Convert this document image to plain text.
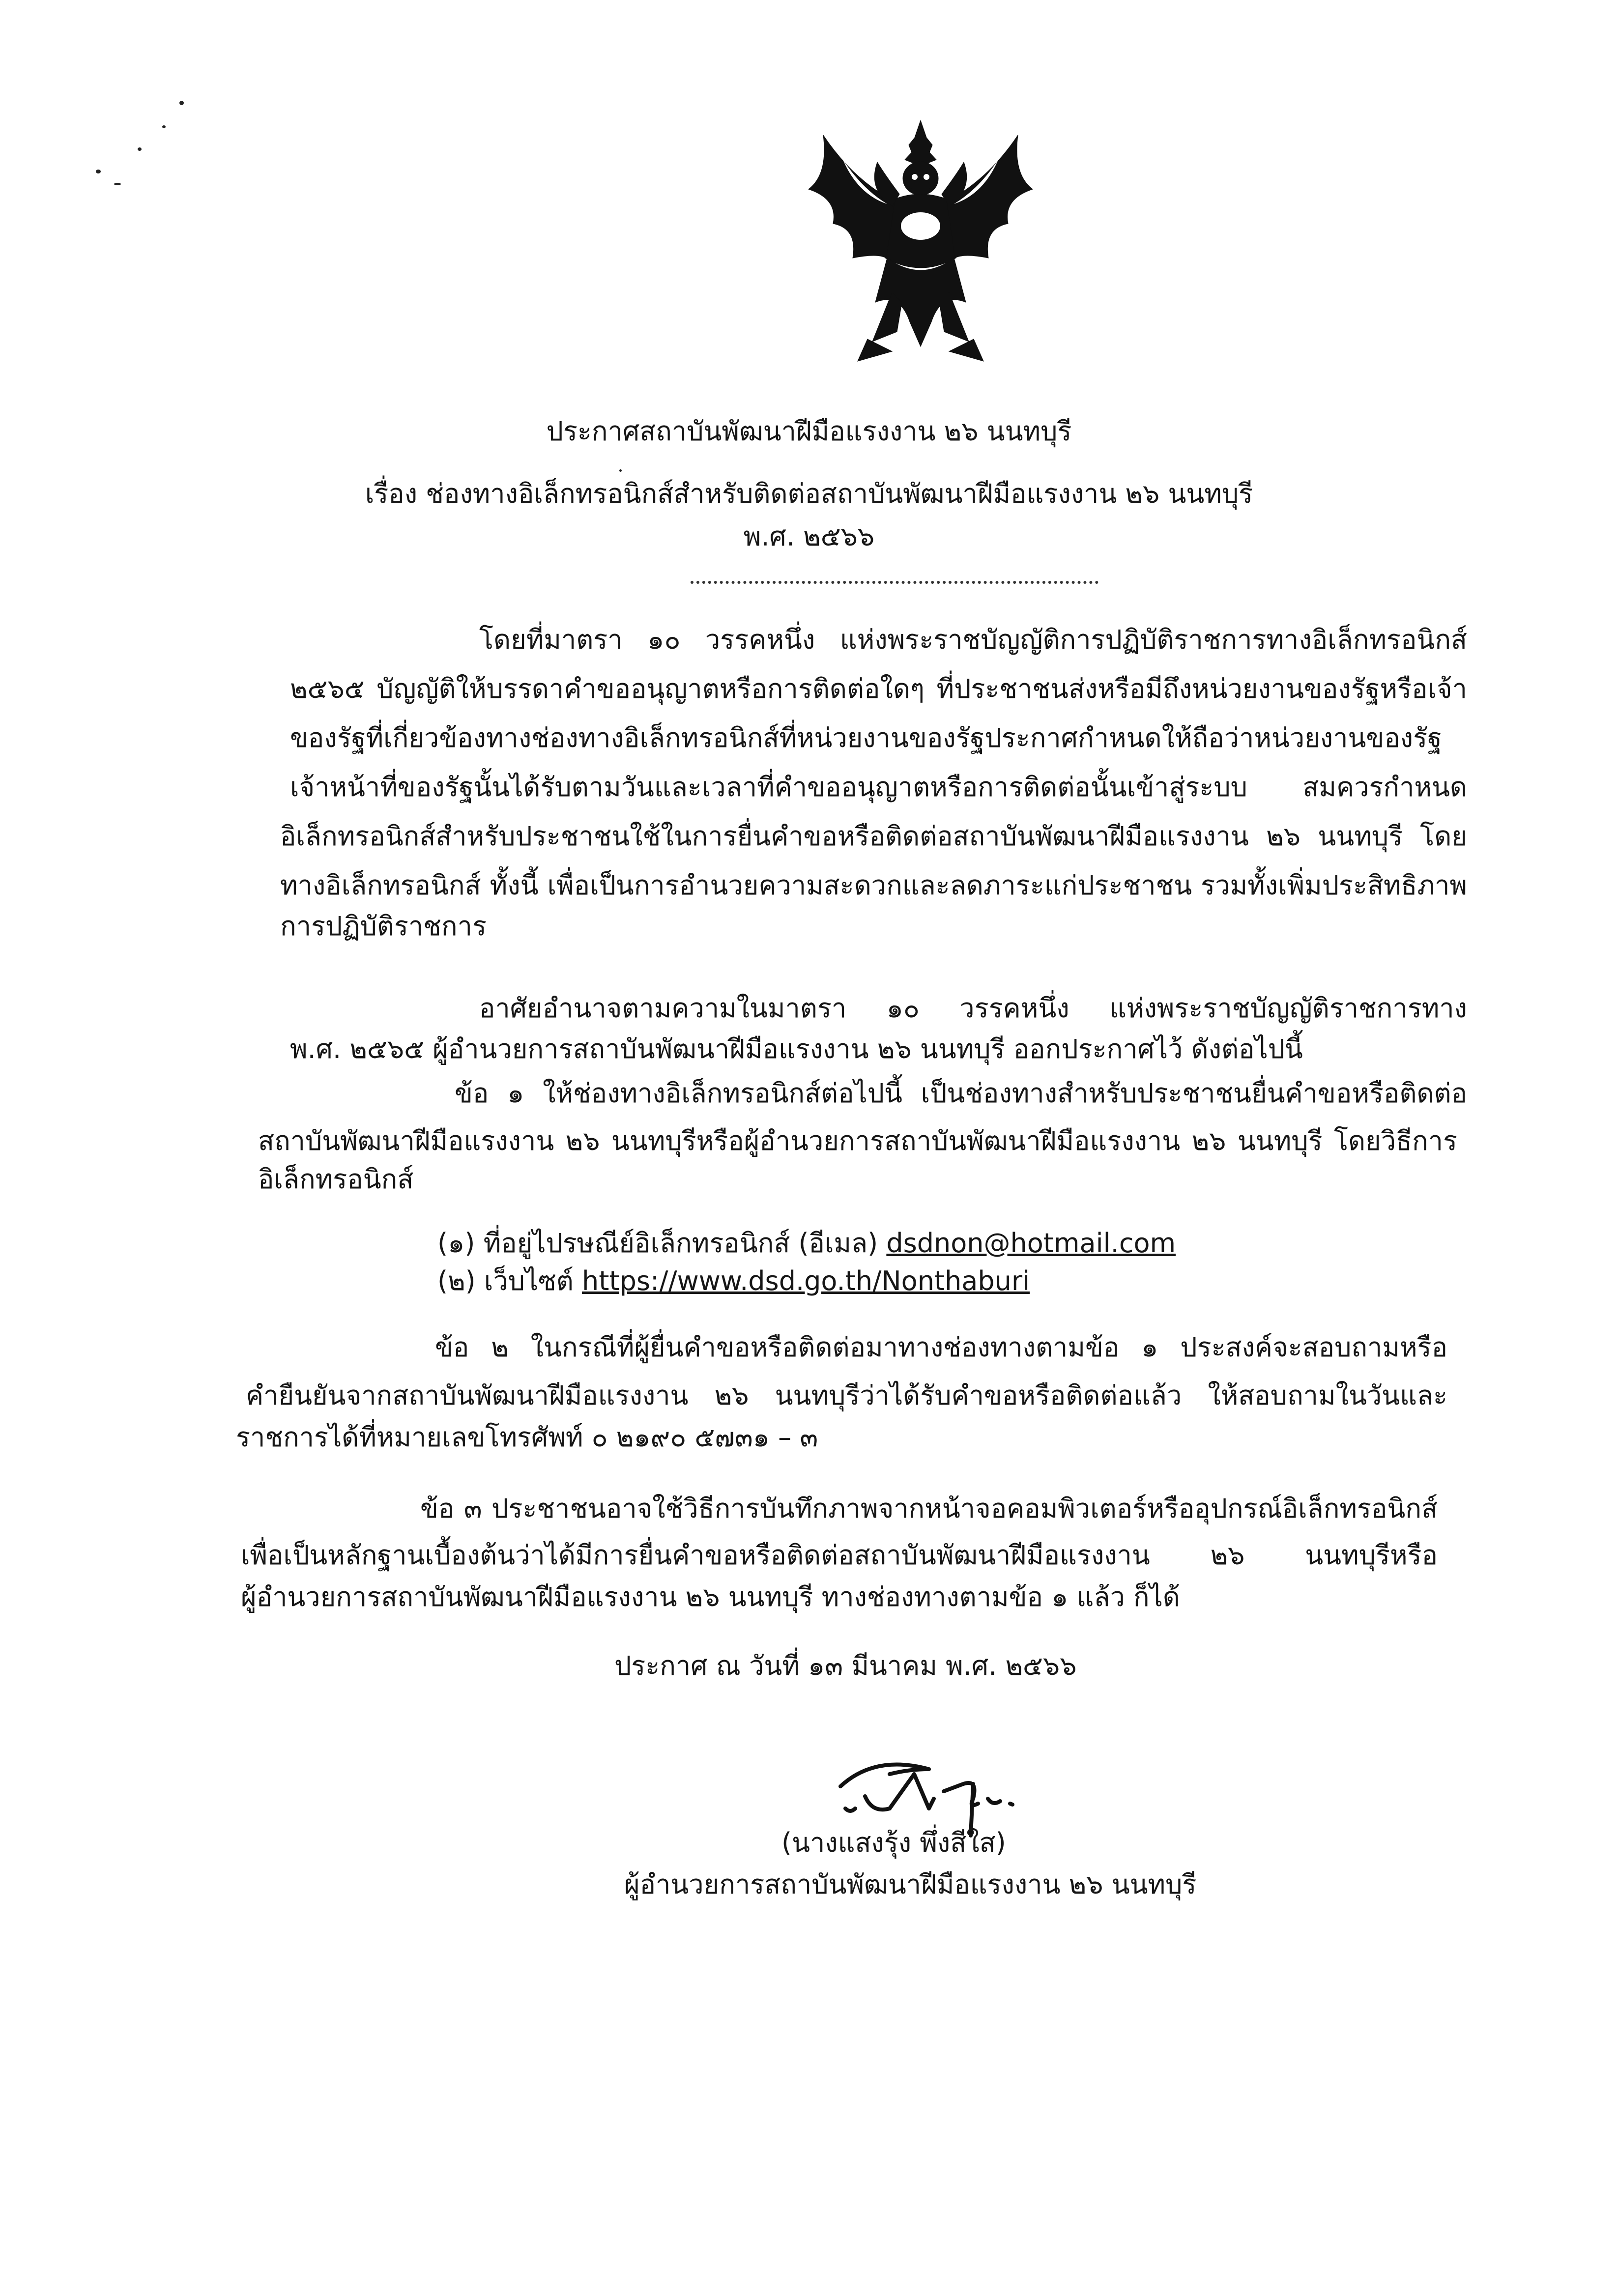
ประกาศสถาบันพัฒนาฝีมือแรงงาน ๒๖ นนทบุรี
เรื่อง ช่องทางอิเล็กทรอนิกส์สำหรับติดต่อสถาบันพัฒนาฝีมือแรงงาน ๒๖ นนทบุรี
พ.ศ. ๒๕๖๖
โดยที่มาตรา ๑๐ วรรคหนึ่ง แห่งพระราชบัญญัติการปฏิบัติราชการทางอิเล็กทรอนิกส์
๒๕๖๕ บัญญัติให้บรรดาคำขออนุญาตหรือการติดต่อใดๆ ที่ประชาชนส่งหรือมีถึงหน่วยงานของรัฐหรือเจ้า
ของรัฐที่เกี่ยวข้องทางช่องทางอิเล็กทรอนิกส์ที่หน่วยงานของรัฐประกาศกำหนดให้ถือว่าหน่วยงานของรัฐ
เจ้าหน้าที่ของรัฐนั้นได้รับตามวันและเวลาที่คำขออนุญาตหรือการติดต่อนั้นเข้าสู่ระบบ สมควรกำหนด
อิเล็กทรอนิกส์สำหรับประชาชนใช้ในการยื่นคำขอหรือติดต่อสถาบันพัฒนาฝีมือแรงงาน ๒๖ นนทบุรี โดย
ทางอิเล็กทรอนิกส์ ทั้งนี้ เพื่อเป็นการอำนวยความสะดวกและลดภาระแก่ประชาชน รวมทั้งเพิ่มประสิทธิภาพ
การปฏิบัติราชการ
อาศัยอำนาจตามความในมาตรา ๑๐ วรรคหนึ่ง แห่งพระราชบัญญัติราชการทาง
พ.ศ. ๒๕๖๕ ผู้อำนวยการสถาบันพัฒนาฝีมือแรงงาน ๒๖ นนทบุรี ออกประกาศไว้ ดังต่อไปนี้
ข้อ ๑ ให้ช่องทางอิเล็กทรอนิกส์ต่อไปนี้ เป็นช่องทางสำหรับประชาชนยื่นคำขอหรือติดต่อ
สถาบันพัฒนาฝีมือแรงงาน ๒๖ นนทบุรีหรือผู้อำนวยการสถาบันพัฒนาฝีมือแรงงาน ๒๖ นนทบุรี โดยวิธีการ
อิเล็กทรอนิกส์
(๑) ที่อยู่ไปรษณีย์อิเล็กทรอนิกส์ (อีเมล) dsdnon@hotmail.com
(๒) เว็บไซต์ https://www.dsd.go.th/Nonthaburi
ข้อ ๒ ในกรณีที่ผู้ยื่นคำขอหรือติดต่อมาทางช่องทางตามข้อ ๑ ประสงค์จะสอบถามหรือ
คำยืนยันจากสถาบันพัฒนาฝีมือแรงงาน ๒๖ นนทบุรีว่าได้รับคำขอหรือติดต่อแล้ว ให้สอบถามในวันและ
ราชการได้ที่หมายเลขโทรศัพท์ ๐ ๒๑๙๐ ๕๗๓๑ – ๓
ข้อ ๓ ประชาชนอาจใช้วิธีการบันทึกภาพจากหน้าจอคอมพิวเตอร์หรืออุปกรณ์อิเล็กทรอนิกส์
เพื่อเป็นหลักฐานเบื้องต้นว่าได้มีการยื่นคำขอหรือติดต่อสถาบันพัฒนาฝีมือแรงงาน ๒๖ นนทบุรีหรือ
ผู้อำนวยการสถาบันพัฒนาฝีมือแรงงาน ๒๖ นนทบุรี ทางช่องทางตามข้อ ๑ แล้ว ก็ได้
ประกาศ ณ วันที่ ๑๓ มีนาคม พ.ศ. ๒๕๖๖
(นางแสงรุ้ง พึ่งสีใส)
ผู้อำนวยการสถาบันพัฒนาฝีมือแรงงาน ๒๖ นนทบุรี
